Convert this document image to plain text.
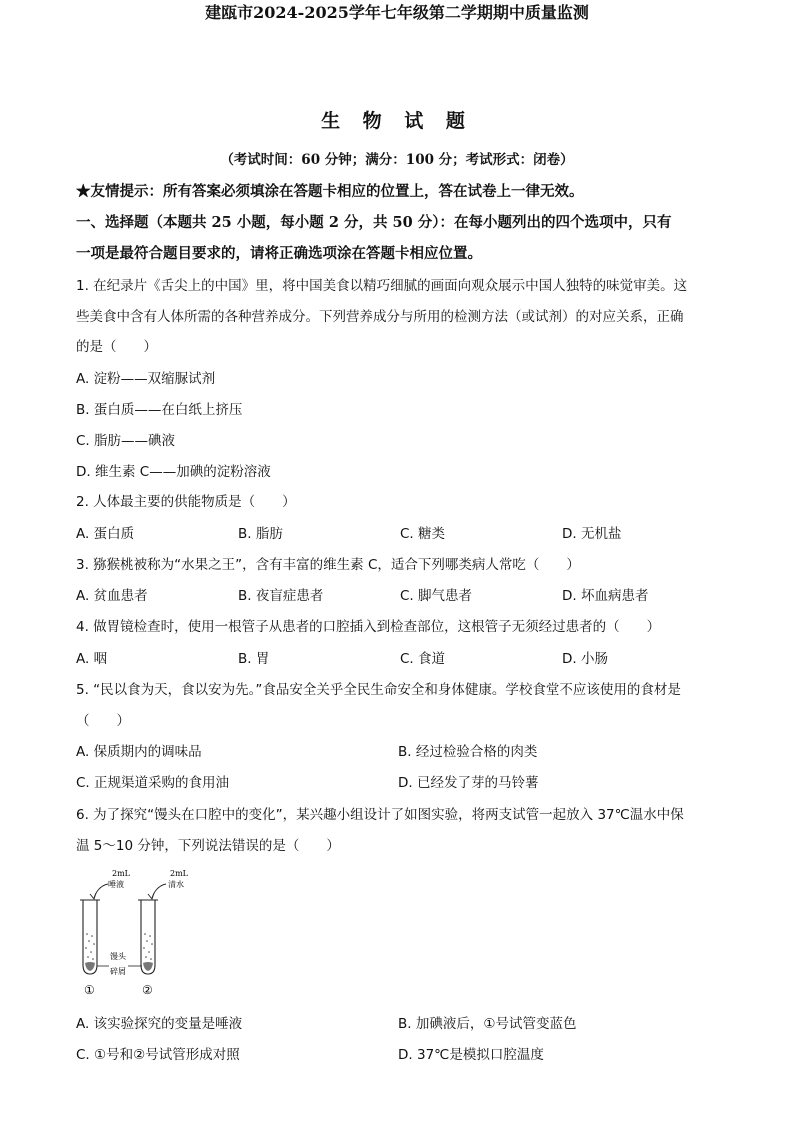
建瓯市2024-2025学年七年级第二学期期中质量监测
生 物 试 题
（考试时间：60 分钟；满分：100 分；考试形式：闭卷）
★友情提示：所有答案必须填涂在答题卡相应的位置上，答在试卷上一律无效。
一、选择题（本题共 25 小题，每小题 2 分，共 50 分）：在每小题列出的四个选项中，只有
一项是最符合题目要求的，请将正确选项涂在答题卡相应位置。
1. 在纪录片《舌尖上的中国》里，将中国美食以精巧细腻的画面向观众展示中国人独特的味觉审美。这
些美食中含有人体所需的各种营养成分。下列营养成分与所用的检测方法（或试剂）的对应关系，正确
的是（　　）
A. 淀粉——双缩脲试剂
B. 蛋白质——在白纸上挤压
C. 脂肪——碘液
D. 维生素 C——加碘的淀粉溶液
2. 人体最主要的供能物质是（　　）
A. 蛋白质	B. 脂肪	C. 糖类	D. 无机盐
3. 猕猴桃被称为“水果之王”，含有丰富的维生素 C，适合下列哪类病人常吃（　　）
A. 贫血患者	B. 夜盲症患者	C. 脚气患者	D. 坏血病患者
4. 做胃镜检查时，使用一根管子从患者的口腔插入到检查部位，这根管子无须经过患者的（　　）
A. 咽	B. 胃	C. 食道	D. 小肠
5. “民以食为天，食以安为先。”食品安全关乎全民生命安全和身体健康。学校食堂不应该使用的食材是
（　　）
A. 保质期内的调味品	B. 经过检验合格的肉类
C. 正规渠道采购的食用油	D. 已经发了芽的马铃薯
6. 为了探究“馒头在口腔中的变化”，某兴趣小组设计了如图实验，将两支试管一起放入 37℃温水中保
温 5～10 分钟，下列说法错误的是（　　）
2mL
唾液
2mL
清水
馒头
碎屑
①	②
A. 该实验探究的变量是唾液	B. 加碘液后，①号试管变蓝色
C. ①号和②号试管形成对照	D. 37℃是模拟口腔温度
